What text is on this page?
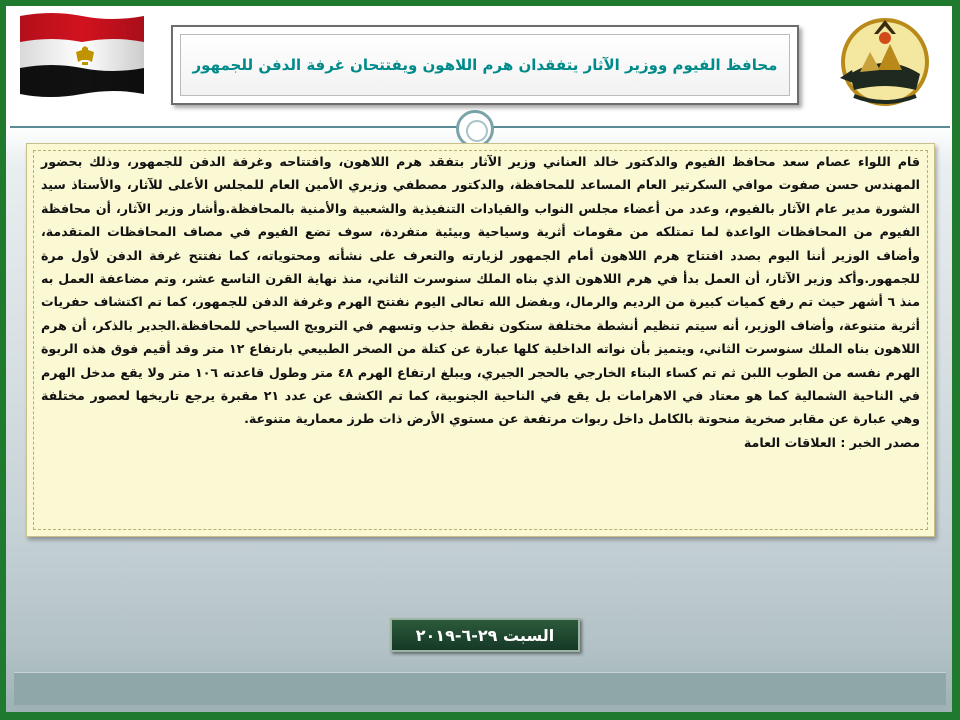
محافظ الفيوم ووزير الآثار يتفقدان هرم اللاهون ويفتتحان غرفة الدفن للجمهور

قام اللواء عصام سعد محافظ الفيوم والدكتور خالد العناني وزير الآثار بتفقد هرم اللاهون، وافتتاحه وغرفة الدفن للجمهور، وذلك بحضور المهندس حسن صفوت موافي السكرتير العام المساعد للمحافظة، والدكتور مصطفي وزيري الأمين العام للمجلس الأعلى للآثار، والأستاذ سيد الشورة مدير عام الآثار بالفيوم، وعدد من أعضاء مجلس النواب والقيادات التنفيذية والشعبية والأمنية بالمحافظة.وأشار وزير الآثار، أن محافظة الفيوم من المحافظات الواعدة لما تمتلكه من مقومات أثرية وسياحية وبيئية متفردة، سوف تضع الفيوم في مصاف المحافظات المتقدمة، وأضاف الوزير أننا اليوم بصدد افتتاح هرم اللاهون أمام الجمهور لزيارته والتعرف على نشأته ومحتوياته، كما نفتتح غرفة الدفن لأول مرة للجمهور.وأكد وزير الآثار، أن العمل بدأ في هرم اللاهون الذي بناه الملك سنوسرت الثاني، منذ نهاية القرن التاسع عشر، وتم مضاعفة العمل به منذ ٦ أشهر حيث تم رفع كميات كبيرة من الرديم والرمال، وبفضل الله تعالى اليوم نفتتح الهرم وغرفة الدفن للجمهور، كما تم اكتشاف حفريات أثرية متنوعة، وأضاف الوزير، أنه سيتم تنظيم أنشطة مختلفة ستكون نقطة جذب وتسهم في الترويج السياحي للمحافظة.الجدير بالذكر، أن هرم اللاهون بناه الملك سنوسرت الثاني، ويتميز بأن نواته الداخلية كلها عبارة عن كتلة من الصخر الطبيعي بارتفاع ١٢ متر وقد أقيم فوق هذه الربوة الهرم نفسه من الطوب اللبن ثم تم كساء البناء الخارجي بالحجر الجيري، ويبلغ ارتفاع الهرم ٤٨ متر وطول قاعدته ١٠٦ متر ولا يقع مدخل الهرم في الناحية الشمالية كما هو معتاد في الاهرامات بل يقع في الناحية الجنوبية، كما تم الكشف عن عدد ٢١ مقبرة يرجع تاريخها لعصور مختلفة وهي عبارة عن مقابر صخرية منحوتة بالكامل داخل ربوات مرتفعة عن مستوي الأرض ذات طرز معمارية متنوعة.

مصدر الخبر : العلاقات العامة

السبت ٢٩-٦-٢٠١٩
